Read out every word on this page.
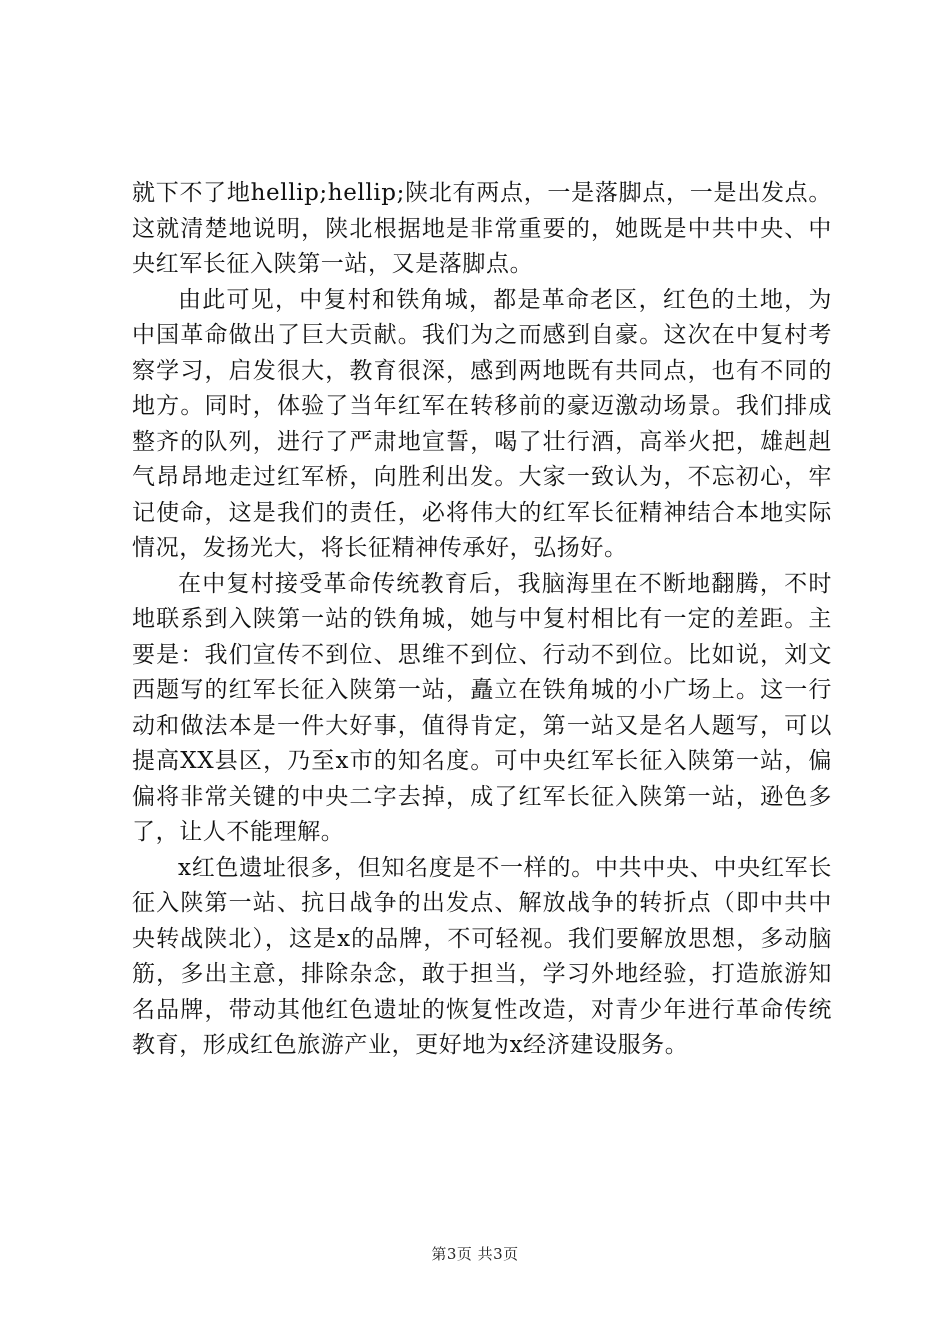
就下不了地hellip;hellip;陕北有两点，一是落脚点，一是出发点。这就清楚地说明，陕北根据地是非常重要的，她既是中共中央、中央红军长征入陕第一站，又是落脚点。

由此可见，中复村和铁角城，都是革命老区，红色的土地，为中国革命做出了巨大贡献。我们为之而感到自豪。这次在中复村考察学习，启发很大，教育很深，感到两地既有共同点，也有不同的地方。同时，体验了当年红军在转移前的豪迈激动场景。我们排成整齐的队列，进行了严肃地宣誓，喝了壮行酒，高举火把，雄赳赳气昂昂地走过红军桥，向胜利出发。大家一致认为，不忘初心，牢记使命，这是我们的责任，必将伟大的红军长征精神结合本地实际情况，发扬光大，将长征精神传承好，弘扬好。

在中复村接受革命传统教育后，我脑海里在不断地翻腾，不时地联系到入陕第一站的铁角城，她与中复村相比有一定的差距。主要是：我们宣传不到位、思维不到位、行动不到位。比如说，刘文西题写的红军长征入陕第一站，矗立在铁角城的小广场上。这一行动和做法本是一件大好事，值得肯定，第一站又是名人题写，可以提高XX县区，乃至x市的知名度。可中央红军长征入陕第一站，偏偏将非常关键的中央二字去掉，成了红军长征入陕第一站，逊色多了，让人不能理解。

x红色遗址很多，但知名度是不一样的。中共中央、中央红军长征入陕第一站、抗日战争的出发点、解放战争的转折点（即中共中央转战陕北），这是x的品牌，不可轻视。我们要解放思想，多动脑筋，多出主意，排除杂念，敢于担当，学习外地经验，打造旅游知名品牌，带动其他红色遗址的恢复性改造，对青少年进行革命传统教育，形成红色旅游产业，更好地为x经济建设服务。

第3页 共3页
